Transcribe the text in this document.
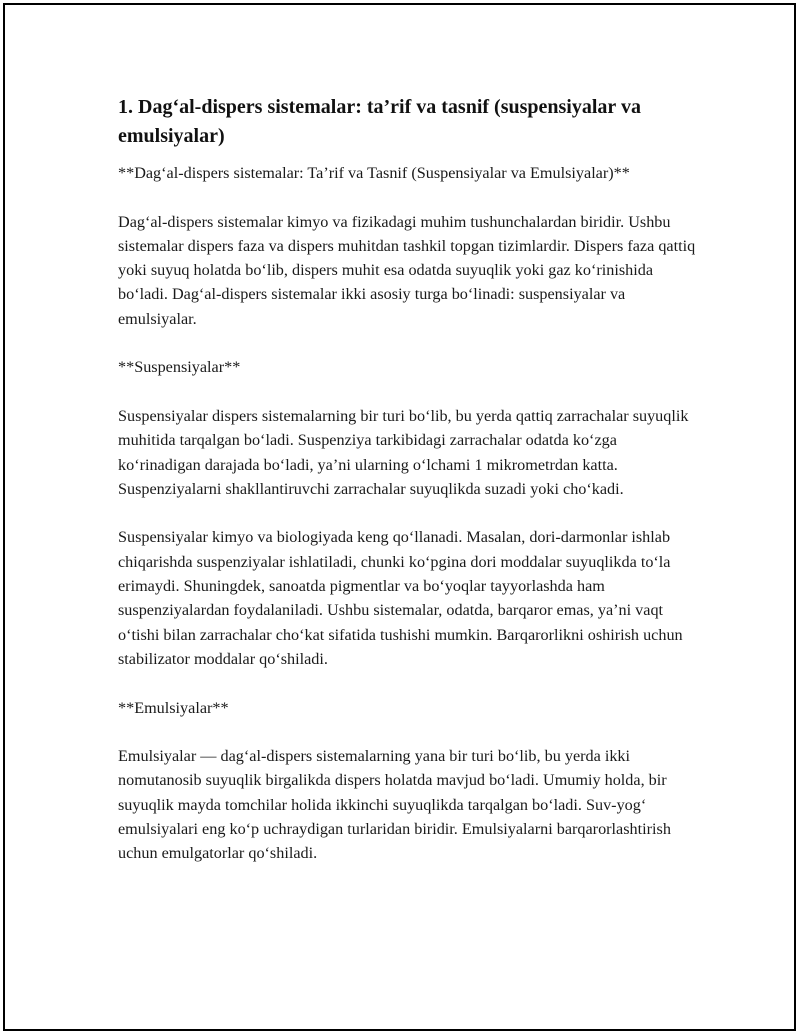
1. Dag‘al-dispers sistemalar: ta’rif va tasnif (suspensiyalar va emulsiyalar)

**Dag‘al-dispers sistemalar: Ta’rif va Tasnif (Suspensiyalar va Emulsiyalar)**

Dag‘al-dispers sistemalar kimyo va fizikadagi muhim tushunchalardan biridir. Ushbu sistemalar dispers faza va dispers muhitdan tashkil topgan tizimlardir. Dispers faza qattiq yoki suyuq holatda bo‘lib, dispers muhit esa odatda suyuqlik yoki gaz ko‘rinishida bo‘ladi. Dag‘al-dispers sistemalar ikki asosiy turga bo‘linadi: suspensiyalar va emulsiyalar.

**Suspensiyalar**

Suspensiyalar dispers sistemalarning bir turi bo‘lib, bu yerda qattiq zarrachalar suyuqlik muhitida tarqalgan bo‘ladi. Suspenziya tarkibidagi zarrachalar odatda ko‘zga ko‘rinadigan darajada bo‘ladi, ya’ni ularning o‘lchami 1 mikrometrdan katta. Suspenziyalarni shakllantiruvchi zarrachalar suyuqlikda suzadi yoki cho‘kadi.

Suspensiyalar kimyo va biologiyada keng qo‘llanadi. Masalan, dori-darmonlar ishlab chiqarishda suspenziyalar ishlatiladi, chunki ko‘pgina dori moddalar suyuqlikda to‘la erimaydi. Shuningdek, sanoatda pigmentlar va bo‘yoqlar tayyorlashda ham suspenziyalardan foydalaniladi. Ushbu sistemalar, odatda, barqaror emas, ya’ni vaqt o‘tishi bilan zarrachalar cho‘kat sifatida tushishi mumkin. Barqarorlikni oshirish uchun stabilizator moddalar qo‘shiladi.

**Emulsiyalar**

Emulsiyalar — dag‘al-dispers sistemalarning yana bir turi bo‘lib, bu yerda ikki nomutanosib suyuqlik birgalikda dispers holatda mavjud bo‘ladi. Umumiy holda, bir suyuqlik mayda tomchilar holida ikkinchi suyuqlikda tarqalgan bo‘ladi. Suv-yog‘ emulsiyalari eng ko‘p uchraydigan turlaridan biridir. Emulsiyalarni barqarorlashtirish uchun emulgatorlar qo‘shiladi.
